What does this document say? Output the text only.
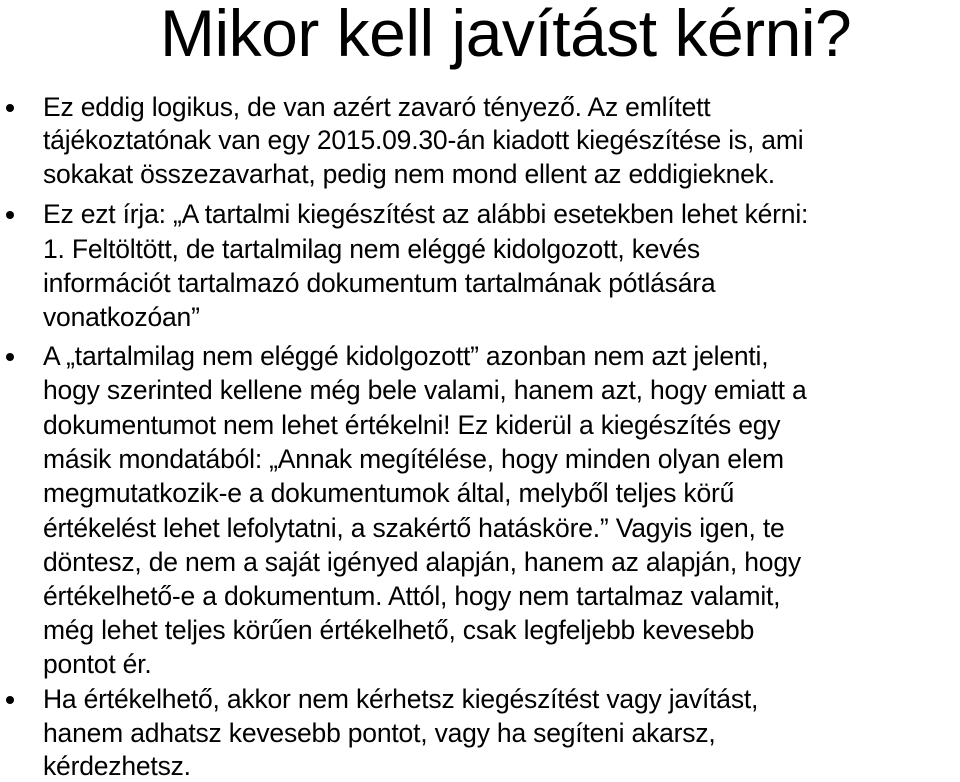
Mikor kell javítást kérni?
Ez eddig logikus, de van azért zavaró tényező. Az említett
tájékoztatónak van egy 2015.09.30-án kiadott kiegészítése is, ami
sokakat összezavarhat, pedig nem mond ellent az eddigieknek.
Ez ezt írja: „A tartalmi kiegészítést az alábbi esetekben lehet kérni:
1. Feltöltött, de tartalmilag nem eléggé kidolgozott, kevés
információt tartalmazó dokumentum tartalmának pótlására
vonatkozóan”
A „tartalmilag nem eléggé kidolgozott” azonban nem azt jelenti,
hogy szerinted kellene még bele valami, hanem azt, hogy emiatt a
dokumentumot nem lehet értékelni! Ez kiderül a kiegészítés egy
másik mondatából: „Annak megítélése, hogy minden olyan elem
megmutatkozik-e a dokumentumok által, melyből teljes körű
értékelést lehet lefolytatni, a szakértő hatásköre.” Vagyis igen, te
döntesz, de nem a saját igényed alapján, hanem az alapján, hogy
értékelhető-e a dokumentum. Attól, hogy nem tartalmaz valamit,
még lehet teljes körűen értékelhető, csak legfeljebb kevesebb
pontot ér.
Ha értékelhető, akkor nem kérhetsz kiegészítést vagy javítást,
hanem adhatsz kevesebb pontot, vagy ha segíteni akarsz,
kérdezhetsz.
